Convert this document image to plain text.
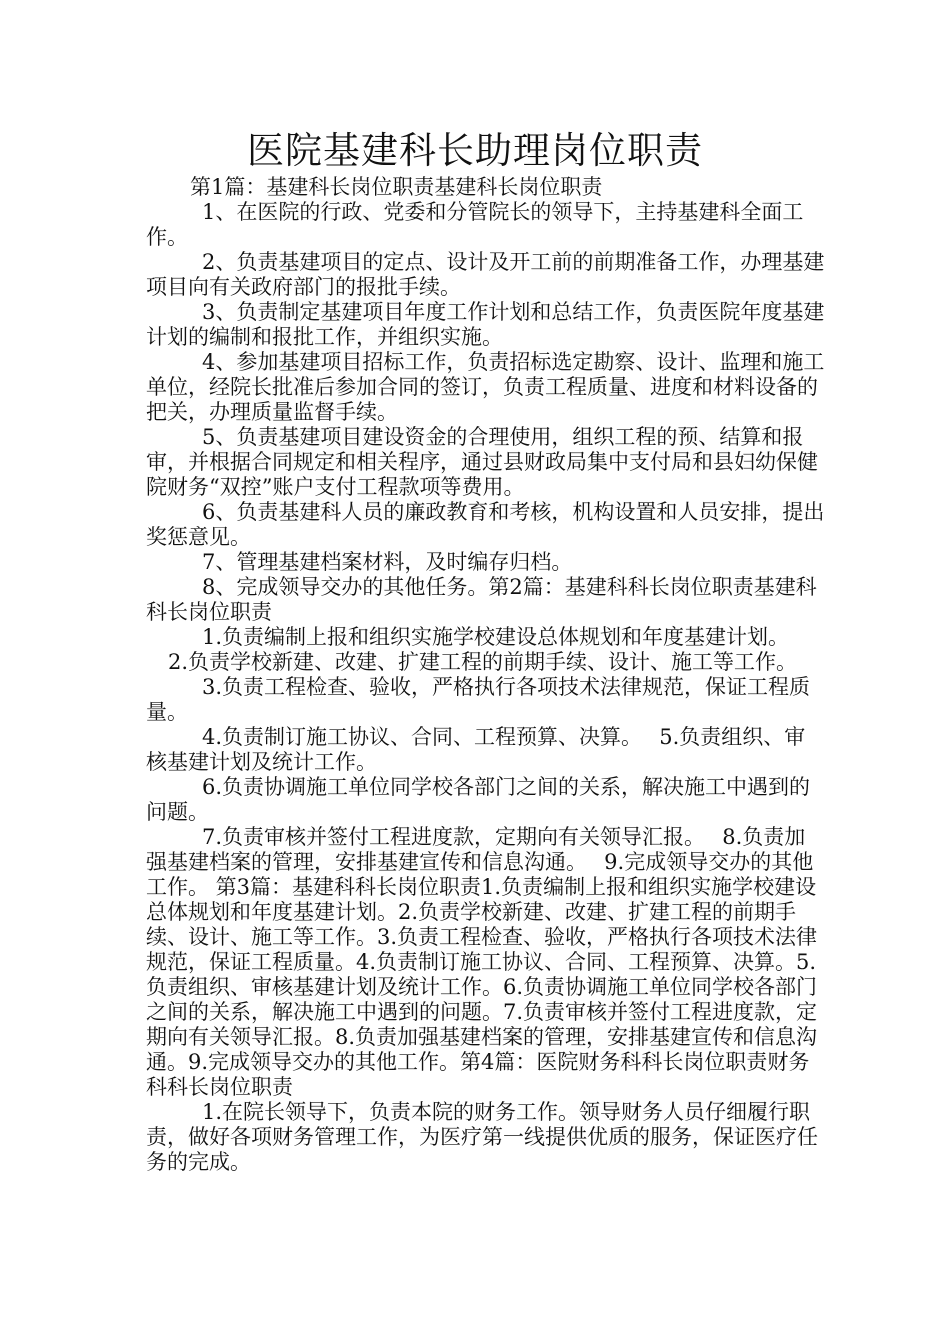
医院基建科长助理岗位职责

第1篇：基建科长岗位职责基建科长岗位职责

1、在医院的行政、党委和分管院长的领导下，主持基建科全面工作。

2、负责基建项目的定点、设计及开工前的前期准备工作，办理基建项目向有关政府部门的报批手续。

3、负责制定基建项目年度工作计划和总结工作，负责医院年度基建计划的编制和报批工作，并组织实施。

4、参加基建项目招标工作，负责招标选定勘察、设计、监理和施工单位，经院长批准后参加合同的签订，负责工程质量、进度和材料设备的把关，办理质量监督手续。

5、负责基建项目建设资金的合理使用，组织工程的预、结算和报审，并根据合同规定和相关程序，通过县财政局集中支付局和县妇幼保健院财务“双控”账户支付工程款项等费用。

6、负责基建科人员的廉政教育和考核，机构设置和人员安排，提出奖惩意见。

7、管理基建档案材料，及时编存归档。

8、完成领导交办的其他任务。第2篇：基建科科长岗位职责基建科科长岗位职责

1.负责编制上报和组织实施学校建设总体规划和年度基建计划。

2.负责学校新建、改建、扩建工程的前期手续、设计、施工等工作。

3.负责工程检查、验收，严格执行各项技术法律规范，保证工程质量。

4.负责制订施工协议、合同、工程预算、决算。　 5.负责组织、审核基建计划及统计工作。

6.负责协调施工单位同学校各部门之间的关系，解决施工中遇到的问题。

7.负责审核并签付工程进度款，定期向有关领导汇报。　 8.负责加强基建档案的管理，安排基建宣传和信息沟通。　 9.完成领导交办的其他工作。 第3篇：基建科科长岗位职责1.负责编制上报和组织实施学校建设总体规划和年度基建计划。2.负责学校新建、改建、扩建工程的前期手续、设计、施工等工作。3.负责工程检查、验收，严格执行各项技术法律规范，保证工程质量。4.负责制订施工协议、合同、工程预算、决算。5.负责组织、审核基建计划及统计工作。6.负责协调施工单位同学校各部门之间的关系，解决施工中遇到的问题。7.负责审核并签付工程进度款，定期向有关领导汇报。8.负责加强基建档案的管理，安排基建宣传和信息沟通。9.完成领导交办的其他工作。第4篇：医院财务科科长岗位职责财务科科长岗位职责

1.在院长领导下，负责本院的财务工作。领导财务人员仔细履行职责，做好各项财务管理工作，为医疗第一线提供优质的服务，保证医疗任务的完成。
